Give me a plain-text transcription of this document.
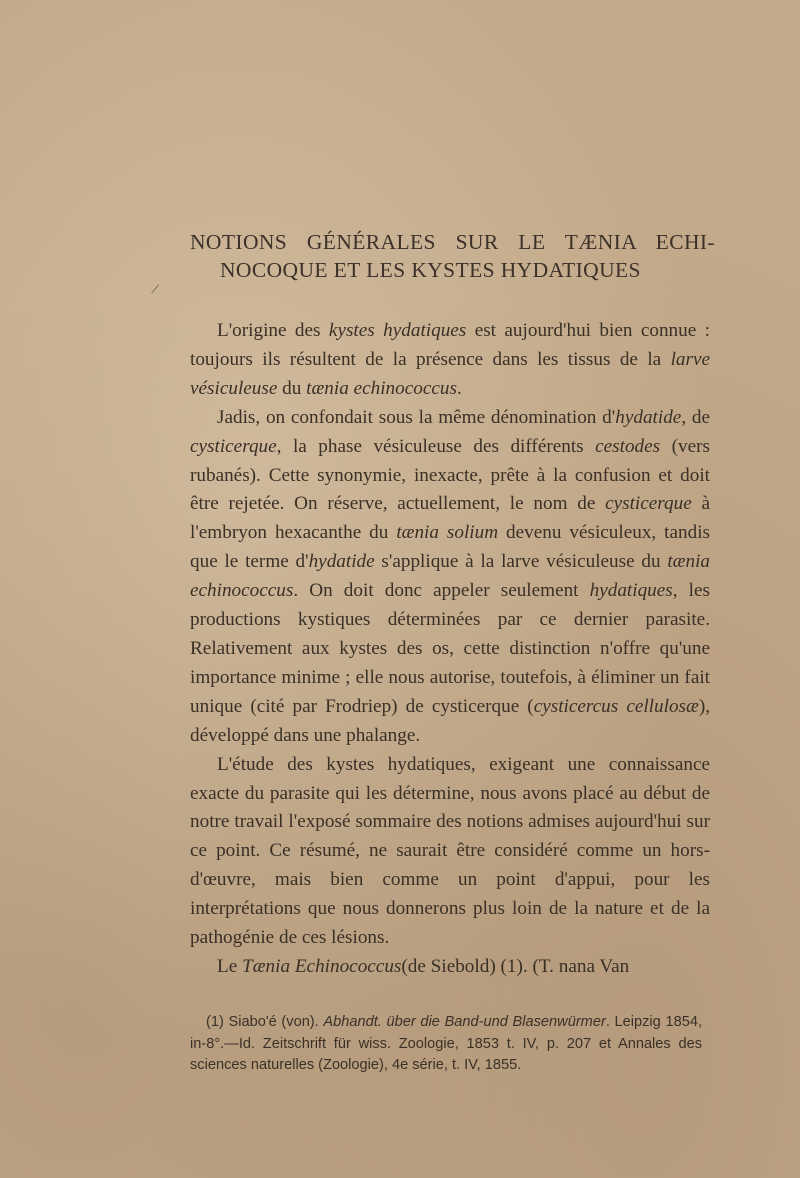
/
NOTIONS GÉNÉRALES SUR LE TÆNIA ECHI-
NOCOQUE ET LES KYSTES HYDATIQUES

L'origine des kystes hydatiques est aujourd'hui bien connue : toujours ils résultent de la présence dans les tissus de la larve vésiculeuse du tænia echinococcus.

Jadis, on confondait sous la même dénomination d'hydatide, de cysticerque, la phase vésiculeuse des différents cestodes (vers rubanés). Cette synonymie, inexacte, prête à la confusion et doit être rejetée. On réserve, actuellement, le nom de cysticerque à l'embryon hexacanthe du tænia solium devenu vésiculeux, tandis que le terme d'hydatide s'applique à la larve vésiculeuse du tænia echinococcus. On doit donc appeler seulement hydatiques, les productions kystiques déterminées par ce dernier parasite. Relativement aux kystes des os, cette distinction n'offre qu'une importance minime ; elle nous autorise, toutefois, à éliminer un fait unique (cité par Frodriep) de cysticerque (cysticercus cellulosæ), développé dans une phalange.

L'étude des kystes hydatiques, exigeant une connaissance exacte du parasite qui les détermine, nous avons placé au début de notre travail l'exposé sommaire des notions admises aujourd'hui sur ce point. Ce résumé, ne saurait être considéré comme un hors-d'œuvre, mais bien comme un point d'appui, pour les interprétations que nous donnerons plus loin de la nature et de la pathogénie de ces lésions.

Le Tænia Echinococcus(de Siebold) (1). (T. nana Van

(1) Siabo'é (von). Abhandt. über die Band-und Blasenwürmer. Leipzig 1854, in-8°.—Id. Zeitschrift für wiss. Zoologie, 1853 t. IV, p. 207 et Annales des sciences naturelles (Zoologie), 4e série, t. IV, 1855.
